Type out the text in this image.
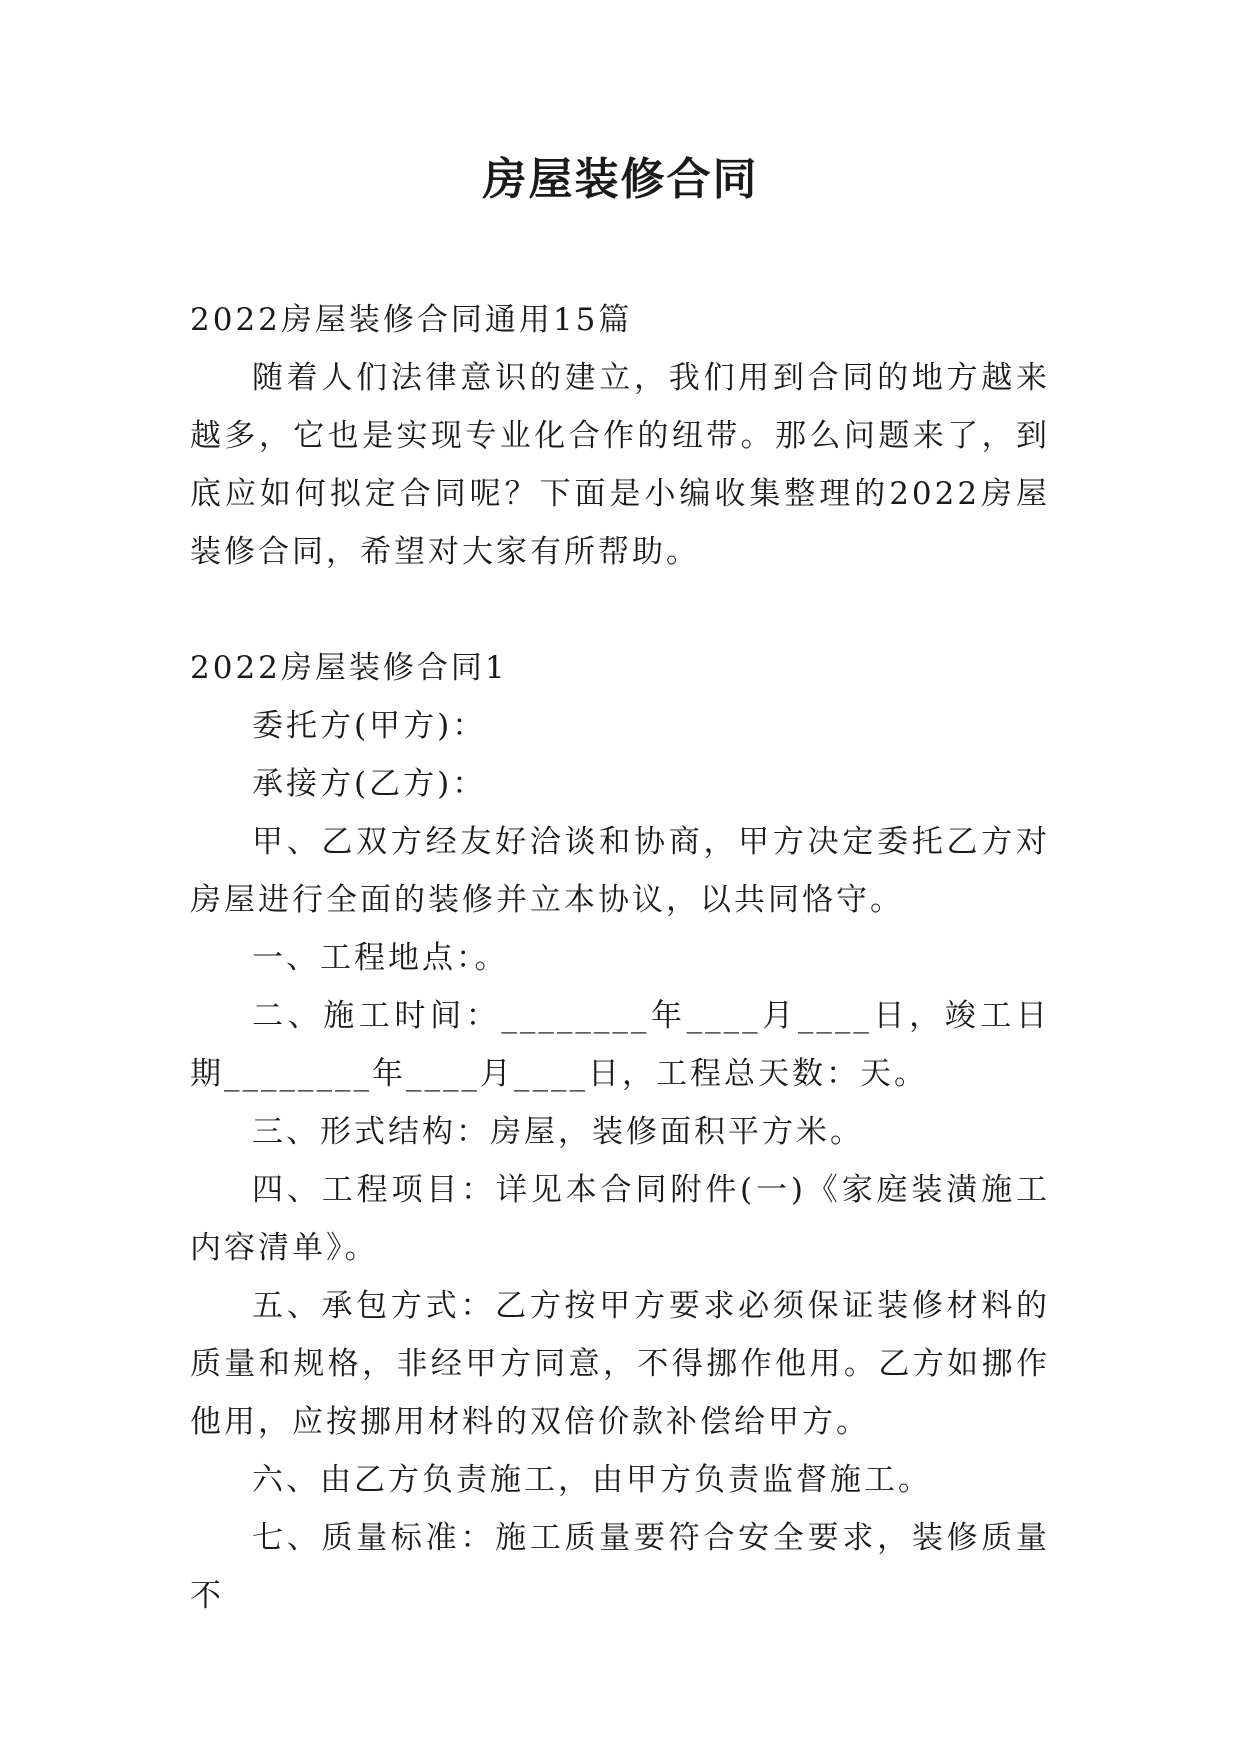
房屋装修合同

2022房屋装修合同通用15篇

随着人们法律意识的建立，我们用到合同的地方越来越多，它也是实现专业化合作的纽带。那么问题来了，到底应如何拟定合同呢？下面是小编收集整理的2022房屋装修合同，希望对大家有所帮助。

2022房屋装修合同1

委托方(甲方)：

承接方(乙方)：

甲、乙双方经友好洽谈和协商，甲方决定委托乙方对房屋进行全面的装修并立本协议，以共同恪守。

一、工程地点：。

二、施工时间：________年____月____日，竣工日期________年____月____日，工程总天数：天。

三、形式结构：房屋，装修面积平方米。

四、工程项目：详见本合同附件(一)《家庭装潢施工内容清单》。

五、承包方式：乙方按甲方要求必须保证装修材料的质量和规格，非经甲方同意，不得挪作他用。乙方如挪作他用，应按挪用材料的双倍价款补偿给甲方。

六、由乙方负责施工，由甲方负责监督施工。

七、质量标准：施工质量要符合安全要求，装修质量不
